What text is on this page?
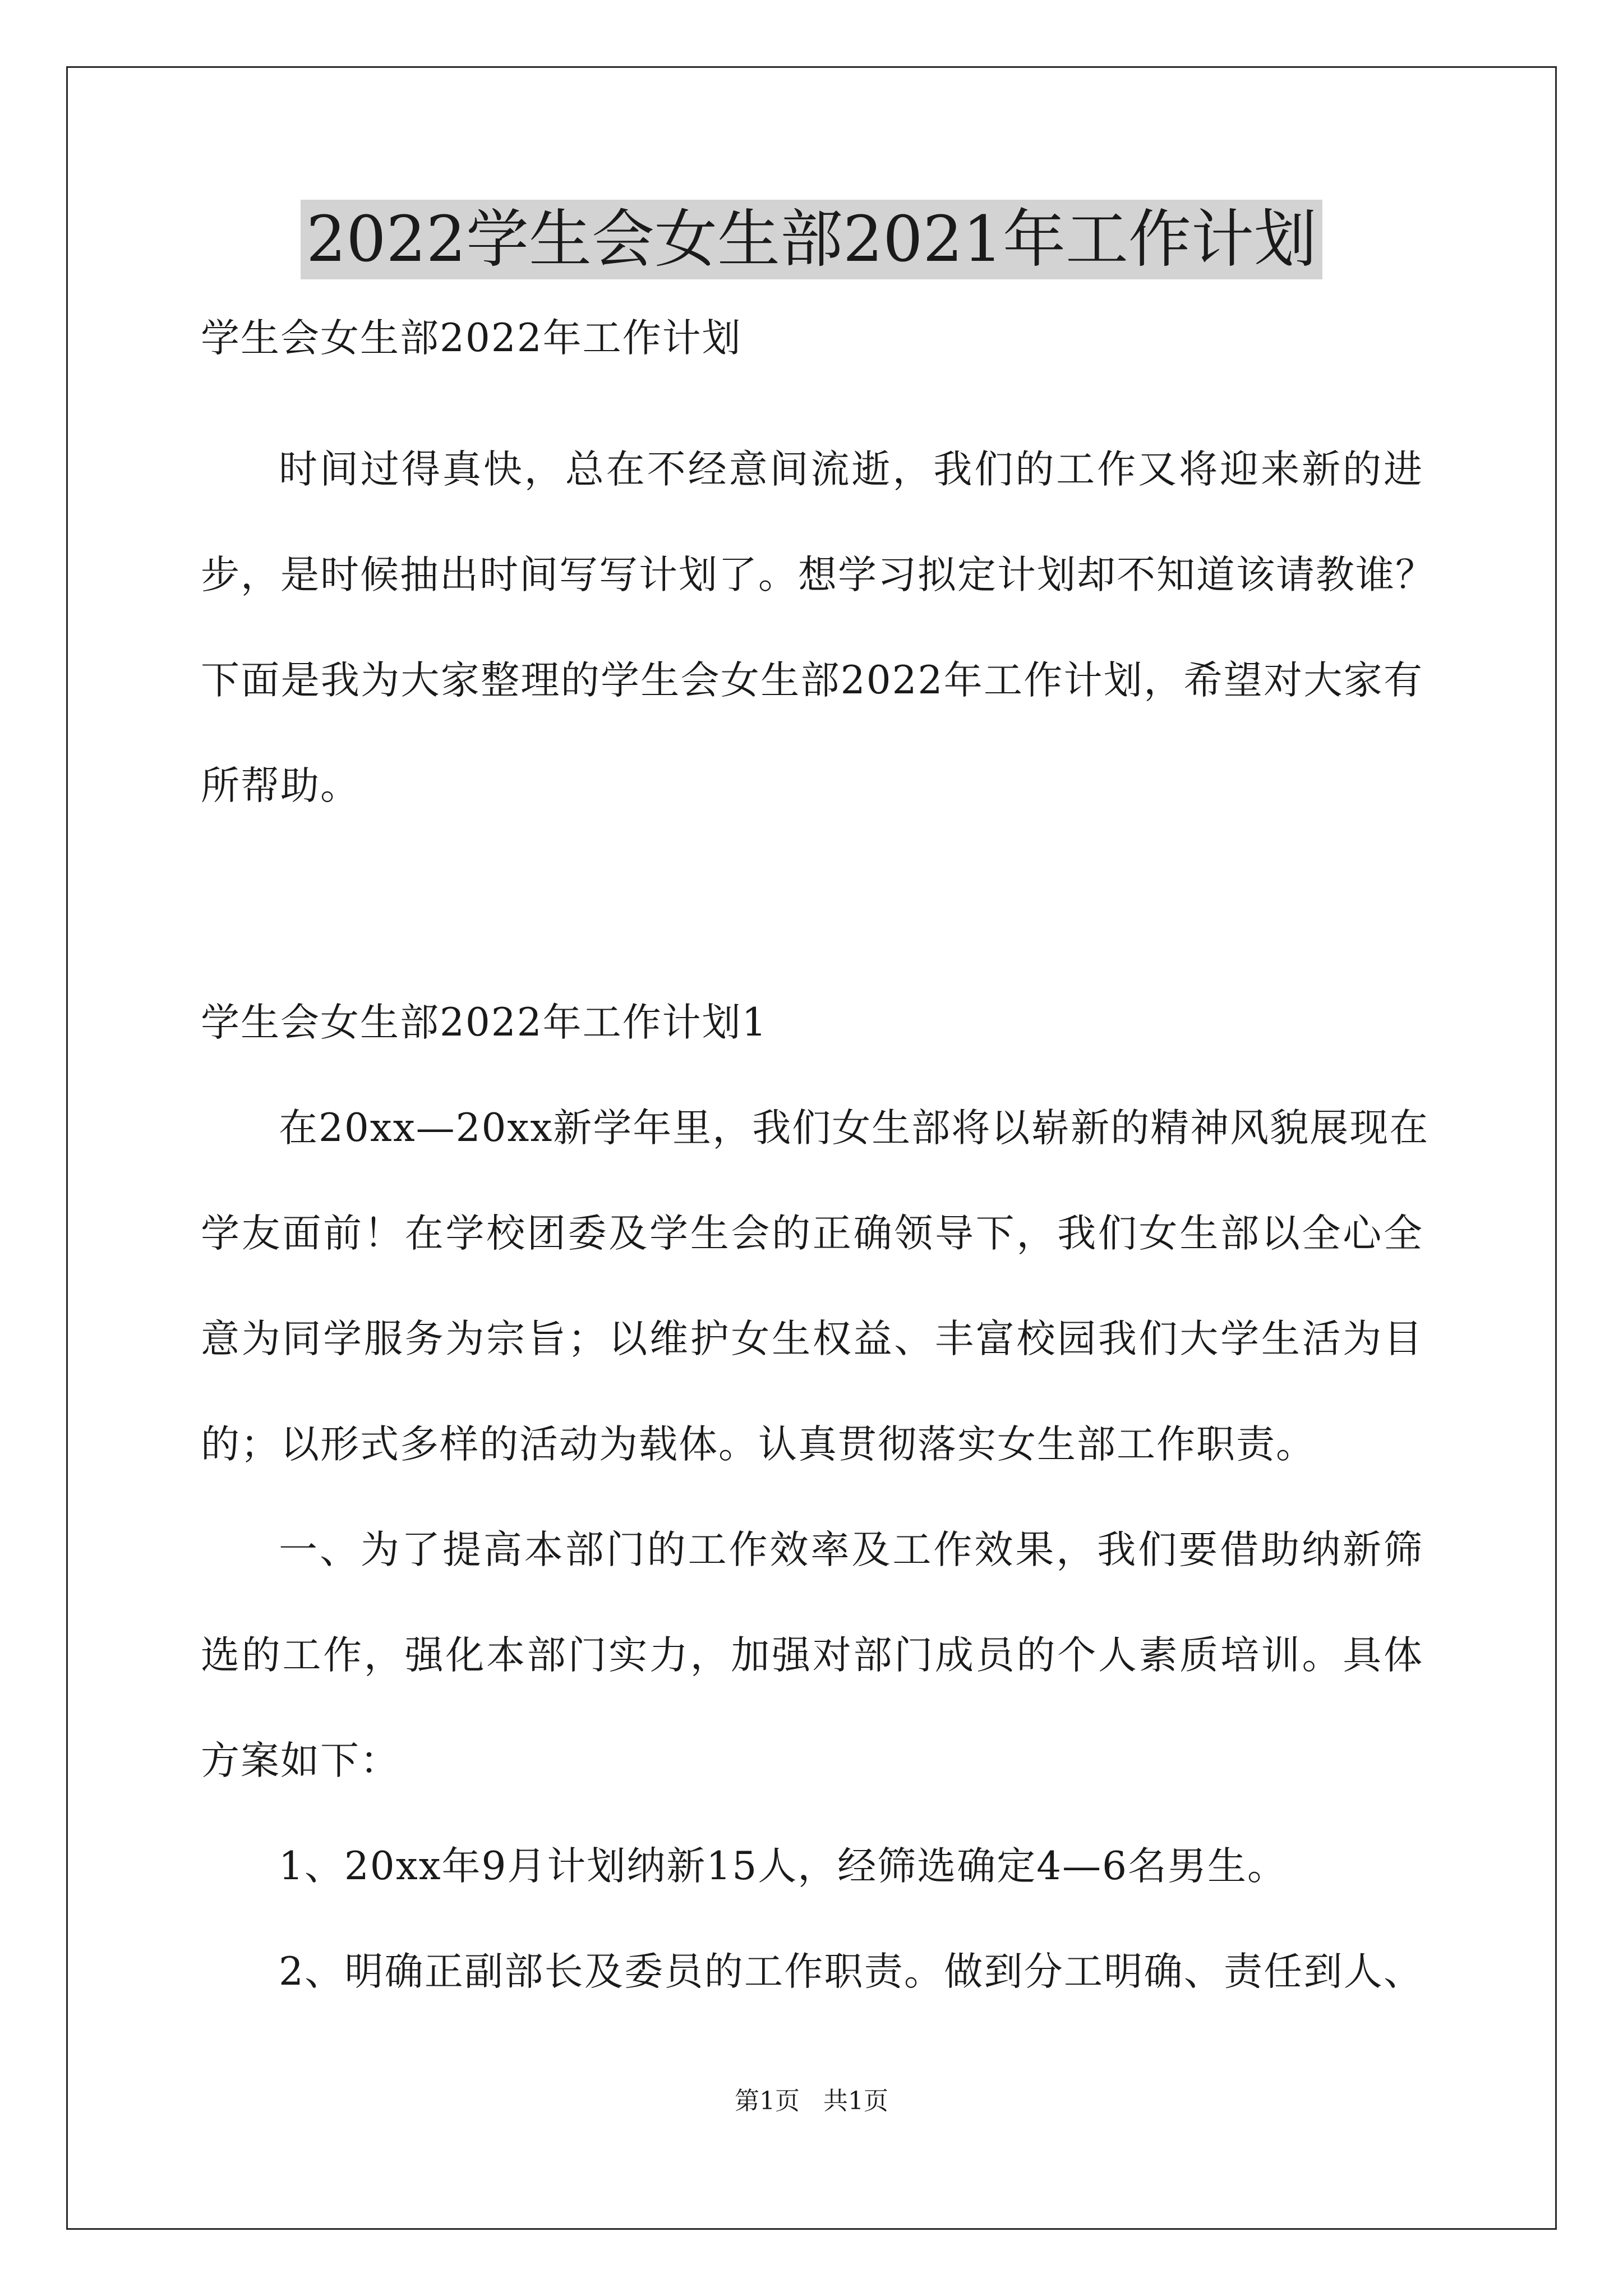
2022学生会女生部2021年工作计划
学生会女生部2022年工作计划
时间过得真快，总在不经意间流逝，我们的工作又将迎来新的进
步，是时候抽出时间写写计划了。想学习拟定计划却不知道该请教谁？
下面是我为大家整理的学生会女生部2022年工作计划，希望对大家有
所帮助。
学生会女生部2022年工作计划1
在20xx—20xx新学年里，我们女生部将以崭新的精神风貌展现在
学友面前！在学校团委及学生会的正确领导下，我们女生部以全心全
意为同学服务为宗旨；以维护女生权益、丰富校园我们大学生活为目
的；以形式多样的活动为载体。认真贯彻落实女生部工作职责。
一、为了提高本部门的工作效率及工作效果，我们要借助纳新筛
选的工作，强化本部门实力，加强对部门成员的个人素质培训。具体
方案如下：
1、20xx年9月计划纳新15人，经筛选确定4—6名男生。
2、明确正副部长及委员的工作职责。做到分工明确、责任到人、
第1页   共1页
